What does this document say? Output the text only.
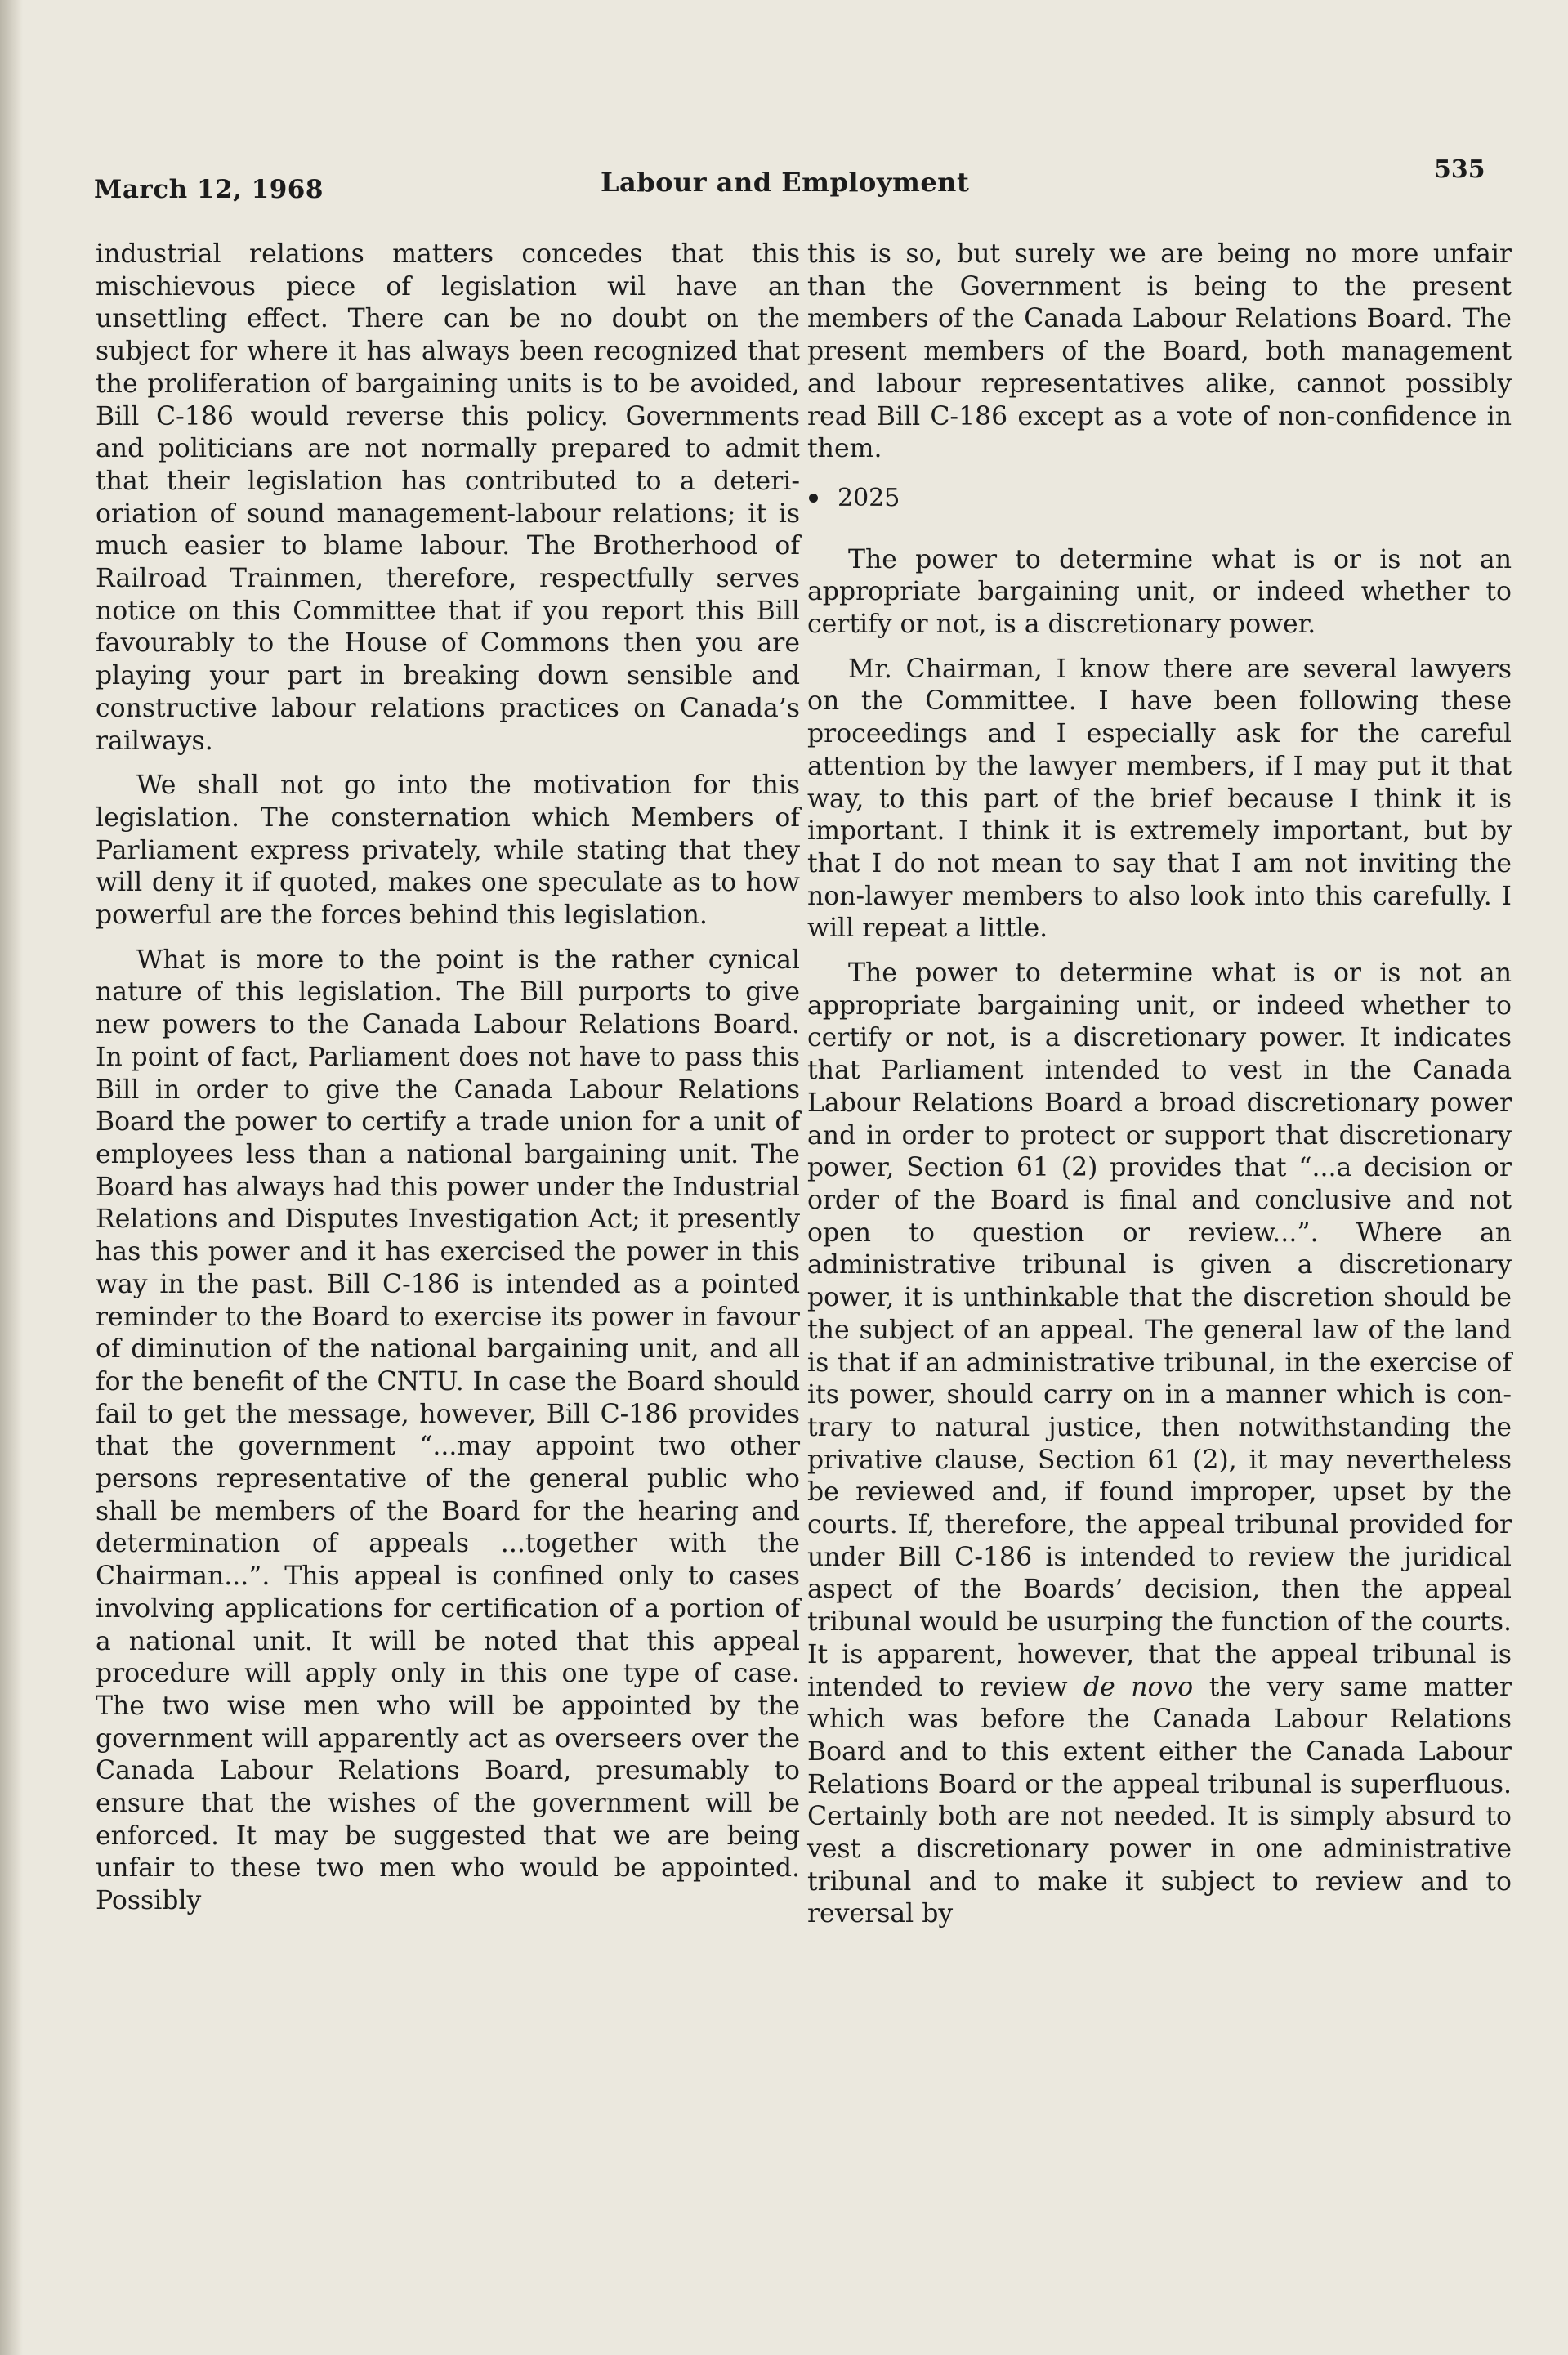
March 12, 1968	Labour and Employment	535

industrial relations matters concedes that this mischievous piece of legislation wil have an unsettling effect. There can be no doubt on the subject for where it has always been recognized that the proliferation of bargaining units is to be avoided, Bill C-186 would reverse this policy. Governments and politicians are not normally prepared to admit that their legislation has contributed to a deterioriation of sound management-labour relations; it is much easier to blame labour. The Brotherhood of Railroad Trainmen, therefore, respectfully serves notice on this Committee that if you report this Bill favourably to the House of Commons then you are playing your part in breaking down sensible and constructive labour relations practices on Canada’s railways.

We shall not go into the motivation for this legislation. The consternation which Members of Parliament express privately, while stating that they will deny it if quoted, makes one speculate as to how powerful are the forces behind this legislation.

What is more to the point is the rather cynical nature of this legislation. The Bill purports to give new powers to the Canada Labour Relations Board. In point of fact, Parliament does not have to pass this Bill in order to give the Canada Labour Relations Board the power to certify a trade union for a unit of employees less than a national bargaining unit. The Board has always had this power under the Industrial Relations and Disputes Investigation Act; it presently has this power and it has exercised the power in this way in the past. Bill C-186 is intended as a pointed reminder to the Board to exercise its power in favour of diminution of the national bargaining unit, and all for the benefit of the CNTU. In case the Board should fail to get the message, however, Bill C-186 provides that the government “...may appoint two other persons representative of the general public who shall be members of the Board for the hearing and determination of appeals ...together with the Chairman...”. This appeal is confined only to cases involving applications for certification of a portion of a national unit. It will be noted that this appeal procedure will apply only in this one type of case. The two wise men who will be appointed by the government will apparently act as overseers over the Canada Labour Relations Board, presumably to ensure that the wishes of the government will be enforced. It may be suggested that we are being unfair to these two men who would be appointed. Possibly

this is so, but surely we are being no more unfair than the Government is being to the present members of the Canada Labour Relations Board. The present members of the Board, both management and labour representatives alike, cannot possibly read Bill C-186 except as a vote of non-confidence in them.

2025

The power to determine what is or is not an appropriate bargaining unit, or indeed whether to certify or not, is a discretionary power.

Mr. Chairman, I know there are several lawyers on the Committee. I have been following these proceedings and I especially ask for the careful attention by the lawyer members, if I may put it that way, to this part of the brief because I think it is important. I think it is extremely important, but by that I do not mean to say that I am not inviting the non-lawyer members to also look into this carefully. I will repeat a little.

The power to determine what is or is not an appropriate bargaining unit, or indeed whether to certify or not, is a discretionary power. It indicates that Parliament intended to vest in the Canada Labour Relations Board a broad discretionary power and in order to protect or support that discretionary power, Section 61 (2) provides that “...a decision or order of the Board is final and conclusive and not open to question or review...”. Where an administrative tribunal is given a discretionary power, it is unthinkable that the discretion should be the subject of an appeal. The general law of the land is that if an administrative tribunal, in the exercise of its power, should carry on in a manner which is contrary to natural justice, then notwithstanding the privative clause, Section 61 (2), it may nevertheless be reviewed and, if found improper, upset by the courts. If, therefore, the appeal tribunal provided for under Bill C-186 is intended to review the juridical aspect of the Boards’ decision, then the appeal tribunal would be usurping the function of the courts. It is apparent, however, that the appeal tribunal is intended to review de novo the very same matter which was before the Canada Labour Relations Board and to this extent either the Canada Labour Relations Board or the appeal tribunal is superfluous. Certainly both are not needed. It is simply absurd to vest a discretionary power in one administrative tribunal and to make it subject to review and to reversal by
